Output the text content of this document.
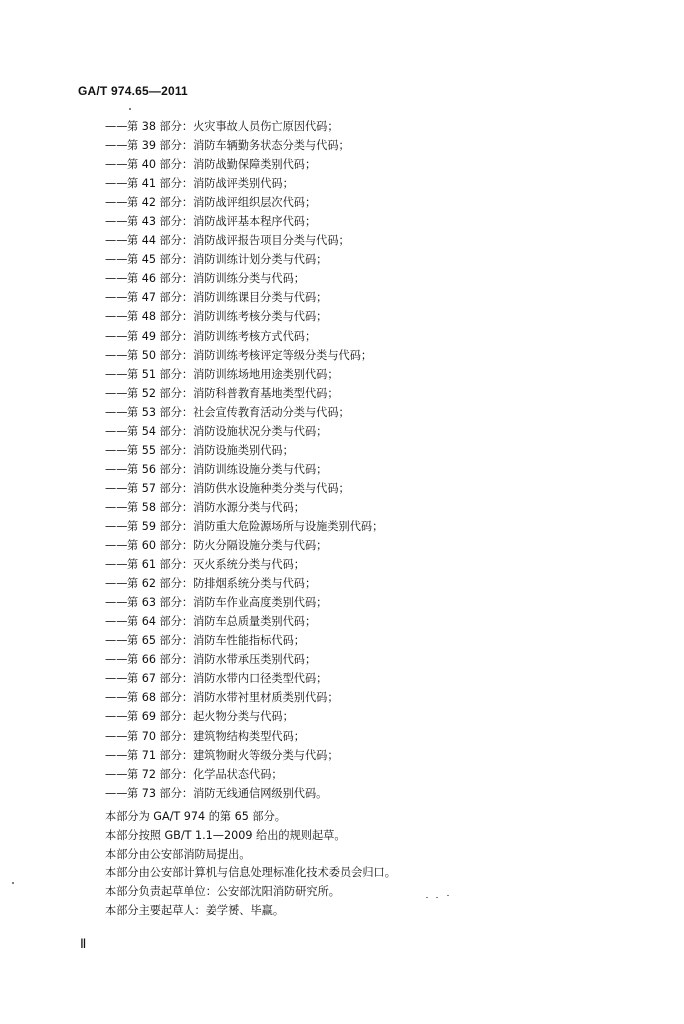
GA/T 974.65—2011
——第 38 部分：火灾事故人员伤亡原因代码；
——第 39 部分：消防车辆勤务状态分类与代码；
——第 40 部分：消防战勤保障类别代码；
——第 41 部分：消防战评类别代码；
——第 42 部分：消防战评组织层次代码；
——第 43 部分：消防战评基本程序代码；
——第 44 部分：消防战评报告项目分类与代码；
——第 45 部分：消防训练计划分类与代码；
——第 46 部分：消防训练分类与代码；
——第 47 部分：消防训练课目分类与代码；
——第 48 部分：消防训练考核分类与代码；
——第 49 部分：消防训练考核方式代码；
——第 50 部分：消防训练考核评定等级分类与代码；
——第 51 部分：消防训练场地用途类别代码；
——第 52 部分：消防科普教育基地类型代码；
——第 53 部分：社会宣传教育活动分类与代码；
——第 54 部分：消防设施状况分类与代码；
——第 55 部分：消防设施类别代码；
——第 56 部分：消防训练设施分类与代码；
——第 57 部分：消防供水设施种类分类与代码；
——第 58 部分：消防水源分类与代码；
——第 59 部分：消防重大危险源场所与设施类别代码；
——第 60 部分：防火分隔设施分类与代码；
——第 61 部分：灭火系统分类与代码；
——第 62 部分：防排烟系统分类与代码；
——第 63 部分：消防车作业高度类别代码；
——第 64 部分：消防车总质量类别代码；
——第 65 部分：消防车性能指标代码；
——第 66 部分：消防水带承压类别代码；
——第 67 部分：消防水带内口径类型代码；
——第 68 部分：消防水带衬里材质类别代码；
——第 69 部分：起火物分类与代码；
——第 70 部分：建筑物结构类型代码；
——第 71 部分：建筑物耐火等级分类与代码；
——第 72 部分：化学品状态代码；
——第 73 部分：消防无线通信网级别代码。
本部分为 GA/T 974 的第 65 部分。
本部分按照 GB/T 1.1—2009 给出的规则起草。
本部分由公安部消防局提出。
本部分由公安部计算机与信息处理标准化技术委员会归口。
本部分负责起草单位：公安部沈阳消防研究所。
本部分主要起草人：姜学赟、毕赢。
Ⅱ
